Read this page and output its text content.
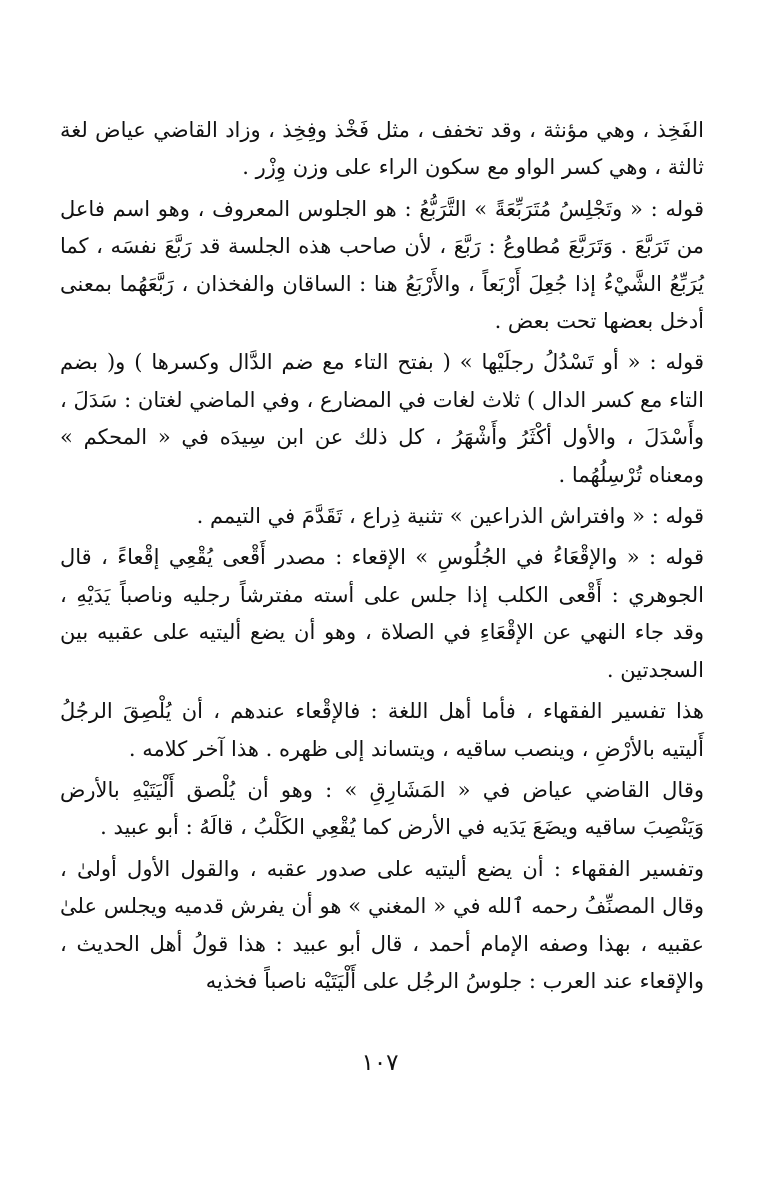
الفَخِذ ، وهي مؤنثة ، وقد تخفف ، مثل فَخْذ وفِخِذ ، وزاد القاضي عياض لغة ثالثة ، وهي كسر الواو مع سكون الراء على وزن وِزْر .

قوله : « وتَجْلِسُ مُتَرَبِّعَةً » التَّرَبُّعُ : هو الجلوس المعروف ، وهو اسم فاعل من تَرَبَّعَ . وَتَرَبَّعَ مُطاوعُ : رَبَّعَ ، لأن صاحب هذه الجلسة قد رَبَّعَ نفسَه ، كما يُرَبِّعُ الشَّيْءُ إذا جُعِلَ أَرْبَعاً ، والأَرْبَعُ هنا : الساقان والفخذان ، رَبَّعَهُما بمعنى أدخل بعضها تحت بعض .

قوله : « أو تَسْدُلُ رجلَيْها » ( بفتح التاء مع ضم الدَّال وكسرها ) و( بضم التاء مع كسر الدال ) ثلاث لغات في المضارع ، وفي الماضي لغتان : سَدَلَ ، وأَسْدَلَ ، والأول أكْثَرُ وأَشْهَرُ ، كل ذلك عن ابن سِيدَه في « المحكم » ومعناه تُرْسِلُهُما .

قوله : « وافتراش الذراعين » تثنية ذِراع ، تَقَدَّمَ في التيمم .

قوله : « والإقْعَاءُ في الجُلُوسِ » الإقعاء : مصدر أَقْعى يُقْعِي إقْعاءً ، قال الجوهري : أَقْعى الكلب إذا جلس على أسته مفترشاً رجليه وناصباً يَدَيْهِ ، وقد جاء النهي عن الإقْعَاءِ في الصلاة ، وهو أن يضع أليتيه على عقبيه بين السجدتين .

هذا تفسير الفقهاء ، فأما أهل اللغة : فالإقْعاء عندهم ، أن يُلْصِقَ الرجُلُ أَليتيه بالأرْضِ ، وينصب ساقيه ، ويتساند إلى ظهره . هذا آخر كلامه .

وقال القاضي عياض في « المَشَارِقِ » : وهو أن يُلْصق أَلْيَتَيْهِ بالأرض وَيَنْصِبَ ساقيه ويضَعَ يَدَيه في الأرض كما يُقْعِي الكَلْبُ ، قالَهُ : أبو عبيد .

وتفسير الفقهاء : أن يضع أليتيه على صدور عقبه ، والقول الأول أولىٰ ، وقال المصنِّفُ رحمه ٱلله في « المغني » هو أن يفرش قدميه ويجلس علىٰ عقبيه ، بهذا وصفه الإمام أحمد ، قال أبو عبيد : هذا قولُ أهل الحديث ، والإقعاء عند العرب : جلوسُ الرجُل على أَلْيَتَيْه ناصباً فخذيه

١٠٧
